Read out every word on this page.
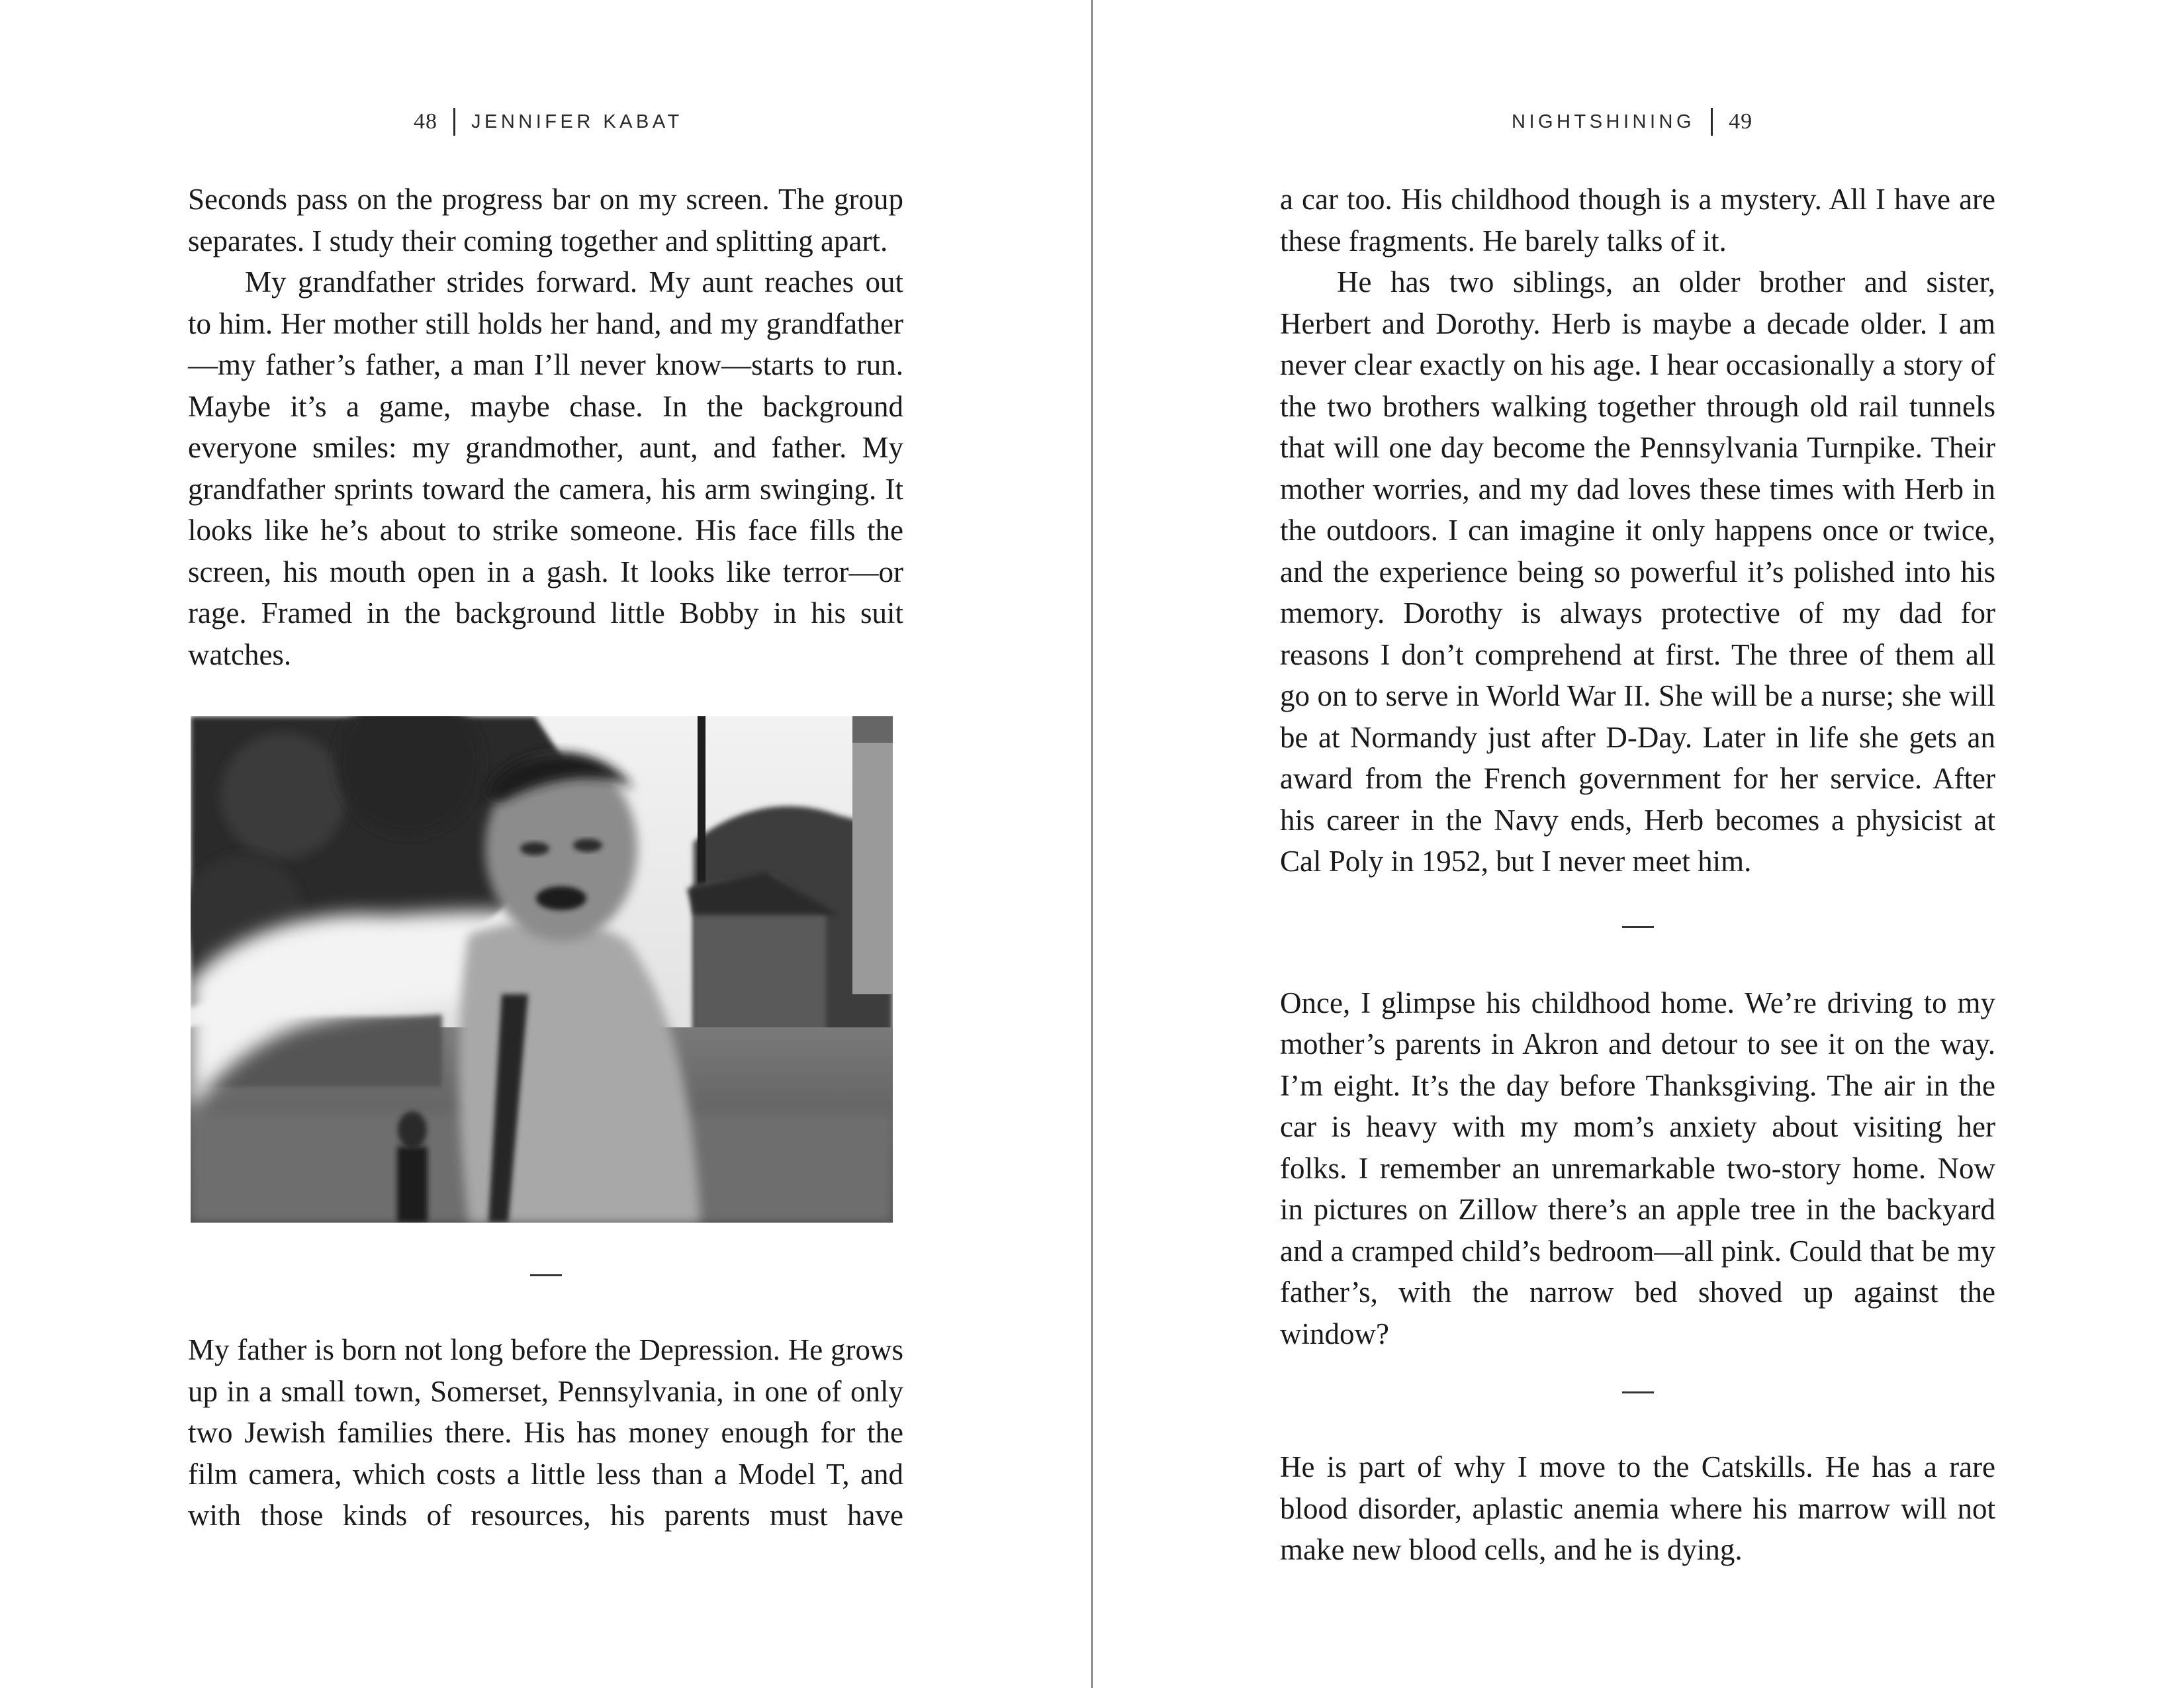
48 JENNIFER KABAT

Seconds pass on the progress bar on my screen. The group separates. I study their coming together and splitting apart.

My grandfather strides forward. My aunt reaches out to him. Her mother still holds her hand, and my grandfather—my father’s father, a man I’ll never know—starts to run. Maybe it’s a game, maybe chase. In the background everyone smiles: my grandmother, aunt, and father. My grandfather sprints toward the camera, his arm swinging. It looks like he’s about to strike someone. His face fills the screen, his mouth open in a gash. It looks like terror—or rage. Framed in the background little Bobby in his suit watches.

My father is born not long before the Depression. He grows up in a small town, Somerset, Pennsylvania, in one of only two Jewish families there. His has money enough for the film camera, which costs a little less than a Model T, and with those kinds of resources, his parents must have

NIGHTSHINING 49

a car too. His childhood though is a mystery. All I have are these fragments. He barely talks of it.

He has two siblings, an older brother and sister, Herbert and Dorothy. Herb is maybe a decade older. I am never clear exactly on his age. I hear occasionally a story of the two brothers walking together through old rail tunnels that will one day become the Pennsylvania Turnpike. Their mother worries, and my dad loves these times with Herb in the outdoors. I can imagine it only happens once or twice, and the experience being so powerful it’s polished into his memory. Dorothy is always protective of my dad for reasons I don’t comprehend at first. The three of them all go on to serve in World War II. She will be a nurse; she will be at Normandy just after D-Day. Later in life she gets an award from the French government for her service. After his career in the Navy ends, Herb becomes a physicist at Cal Poly in 1952, but I never meet him.

Once, I glimpse his childhood home. We’re driving to my mother’s parents in Akron and detour to see it on the way. I’m eight. It’s the day before Thanksgiving. The air in the car is heavy with my mom’s anxiety about visiting her folks. I remember an unremarkable two-story home. Now in pictures on Zillow there’s an apple tree in the backyard and a cramped child’s bedroom—all pink. Could that be my father’s, with the narrow bed shoved up against the window?

He is part of why I move to the Catskills. He has a rare blood disorder, aplastic anemia where his marrow will not make new blood cells, and he is dying.
